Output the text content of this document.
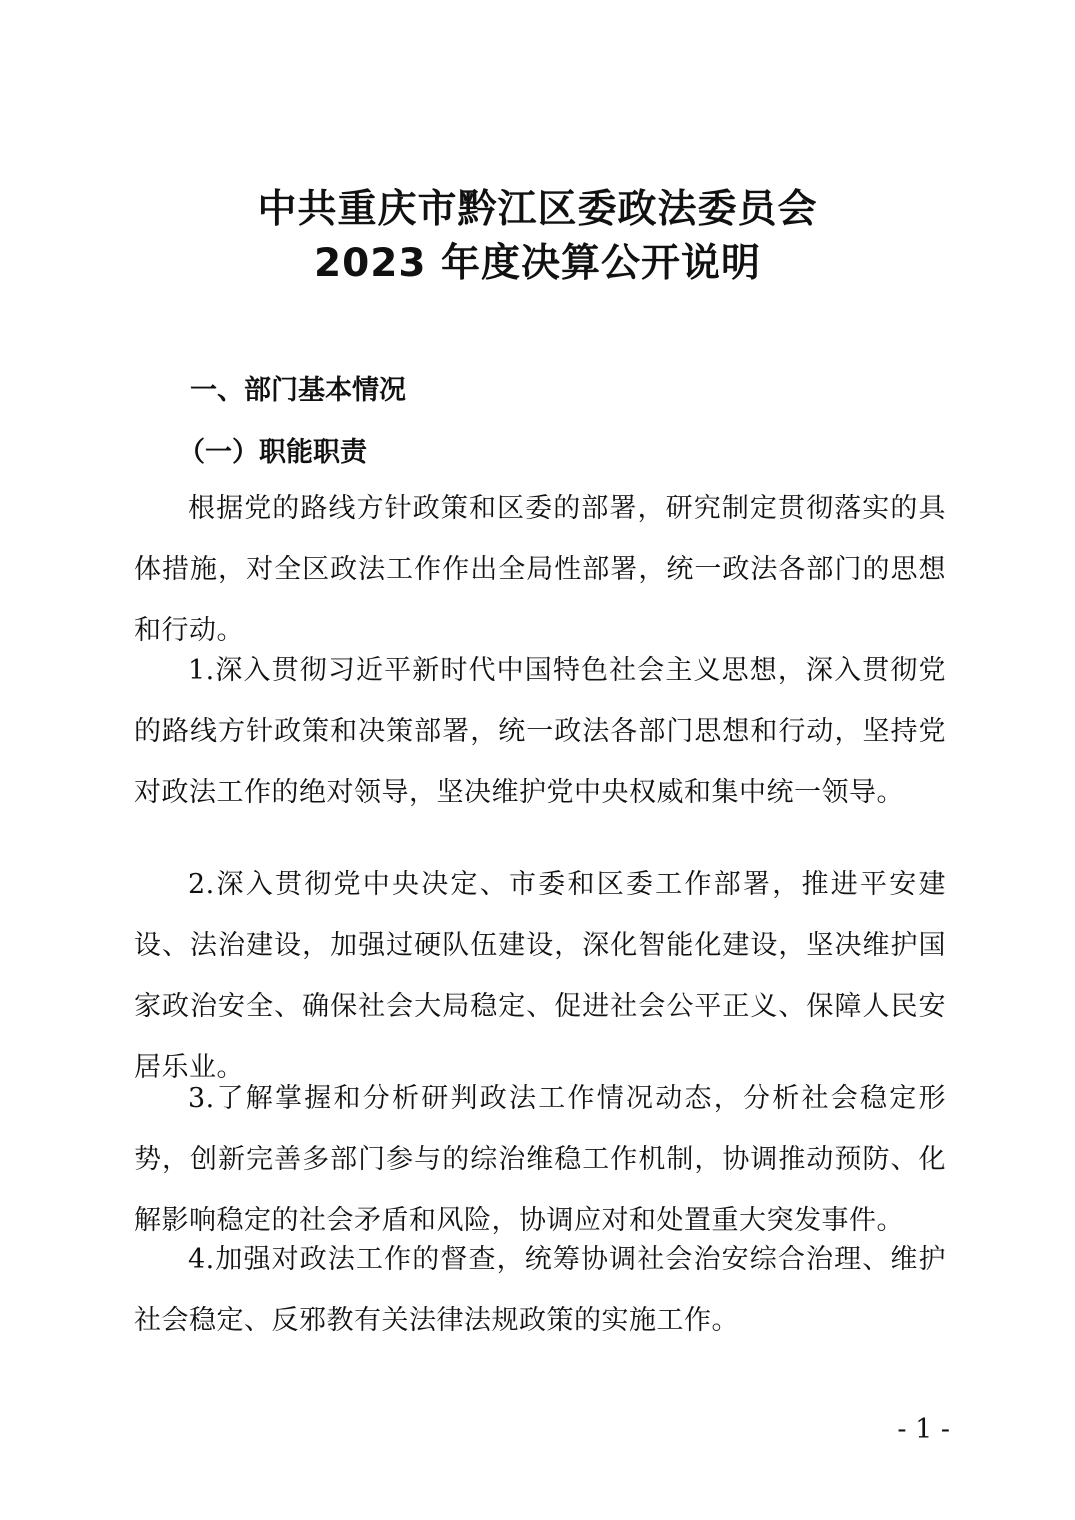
中共重庆市黔江区委政法委员会
2023 年度决算公开说明
一、部门基本情况
（一）职能职责

根据党的路线方针政策和区委的部署，研究制定贯彻落实的具体措施，对全区政法工作作出全局性部署，统一政法各部门的思想和行动。

1.深入贯彻习近平新时代中国特色社会主义思想，深入贯彻党的路线方针政策和决策部署，统一政法各部门思想和行动，坚持党对政法工作的绝对领导，坚决维护党中央权威和集中统一领导。

2.深入贯彻党中央决定、市委和区委工作部署，推进平安建设、法治建设，加强过硬队伍建设，深化智能化建设，坚决维护国家政治安全、确保社会大局稳定、促进社会公平正义、保障人民安居乐业。

3.了解掌握和分析研判政法工作情况动态，分析社会稳定形势，创新完善多部门参与的综治维稳工作机制，协调推动预防、化解影响稳定的社会矛盾和风险，协调应对和处置重大突发事件。

4.加强对政法工作的督查，统筹协调社会治安综合治理、维护社会稳定、反邪教有关法律法规政策的实施工作。

- 1 -
